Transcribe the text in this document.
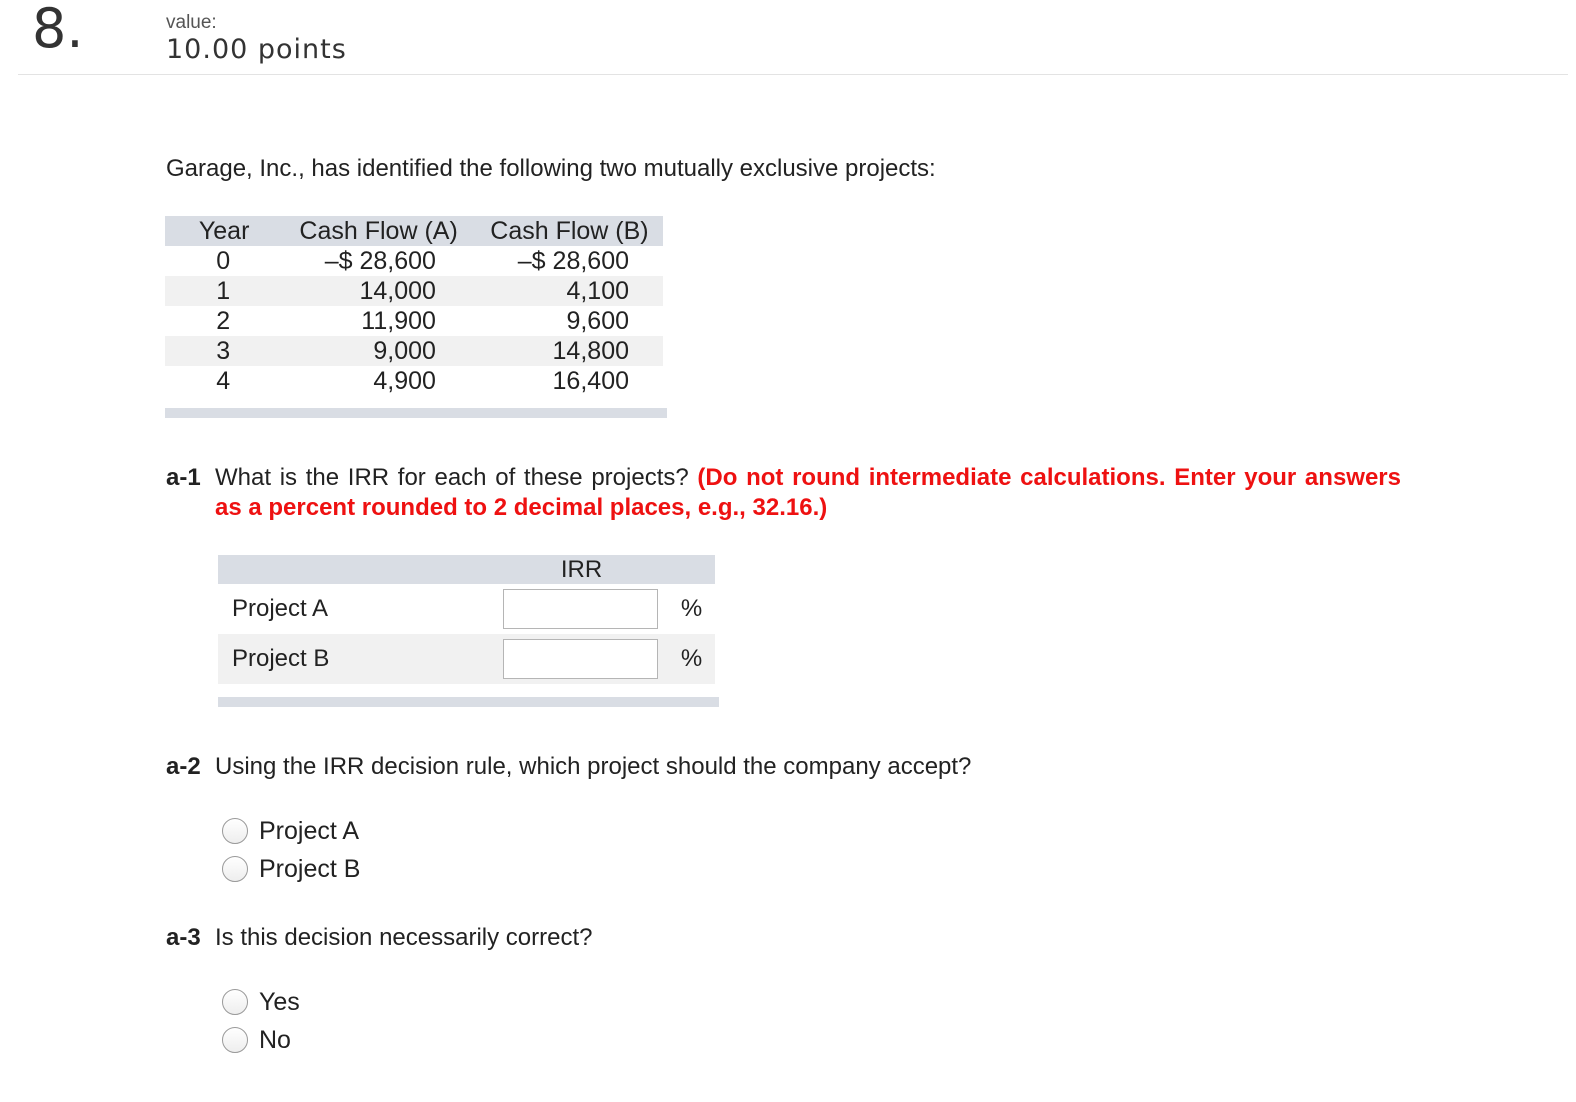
8.	value:
10.00 points
Garage, Inc., has identified the following two mutually exclusive projects:
Year	Cash Flow (A)	Cash Flow (B)
0	–$ 28,600	–$ 28,600
1	14,000	4,100
2	11,900	9,600
3	9,000	14,800
4	4,900	16,400
a-1 What is the IRR for each of these projects? (Do not round intermediate calculations. Enter your answers as a percent rounded to 2 decimal places, e.g., 32.16.)
	IRR	
Project A		%
Project B		%
a-2 Using the IRR decision rule, which project should the company accept?
Project A
Project B
a-3 Is this decision necessarily correct?
Yes
No
